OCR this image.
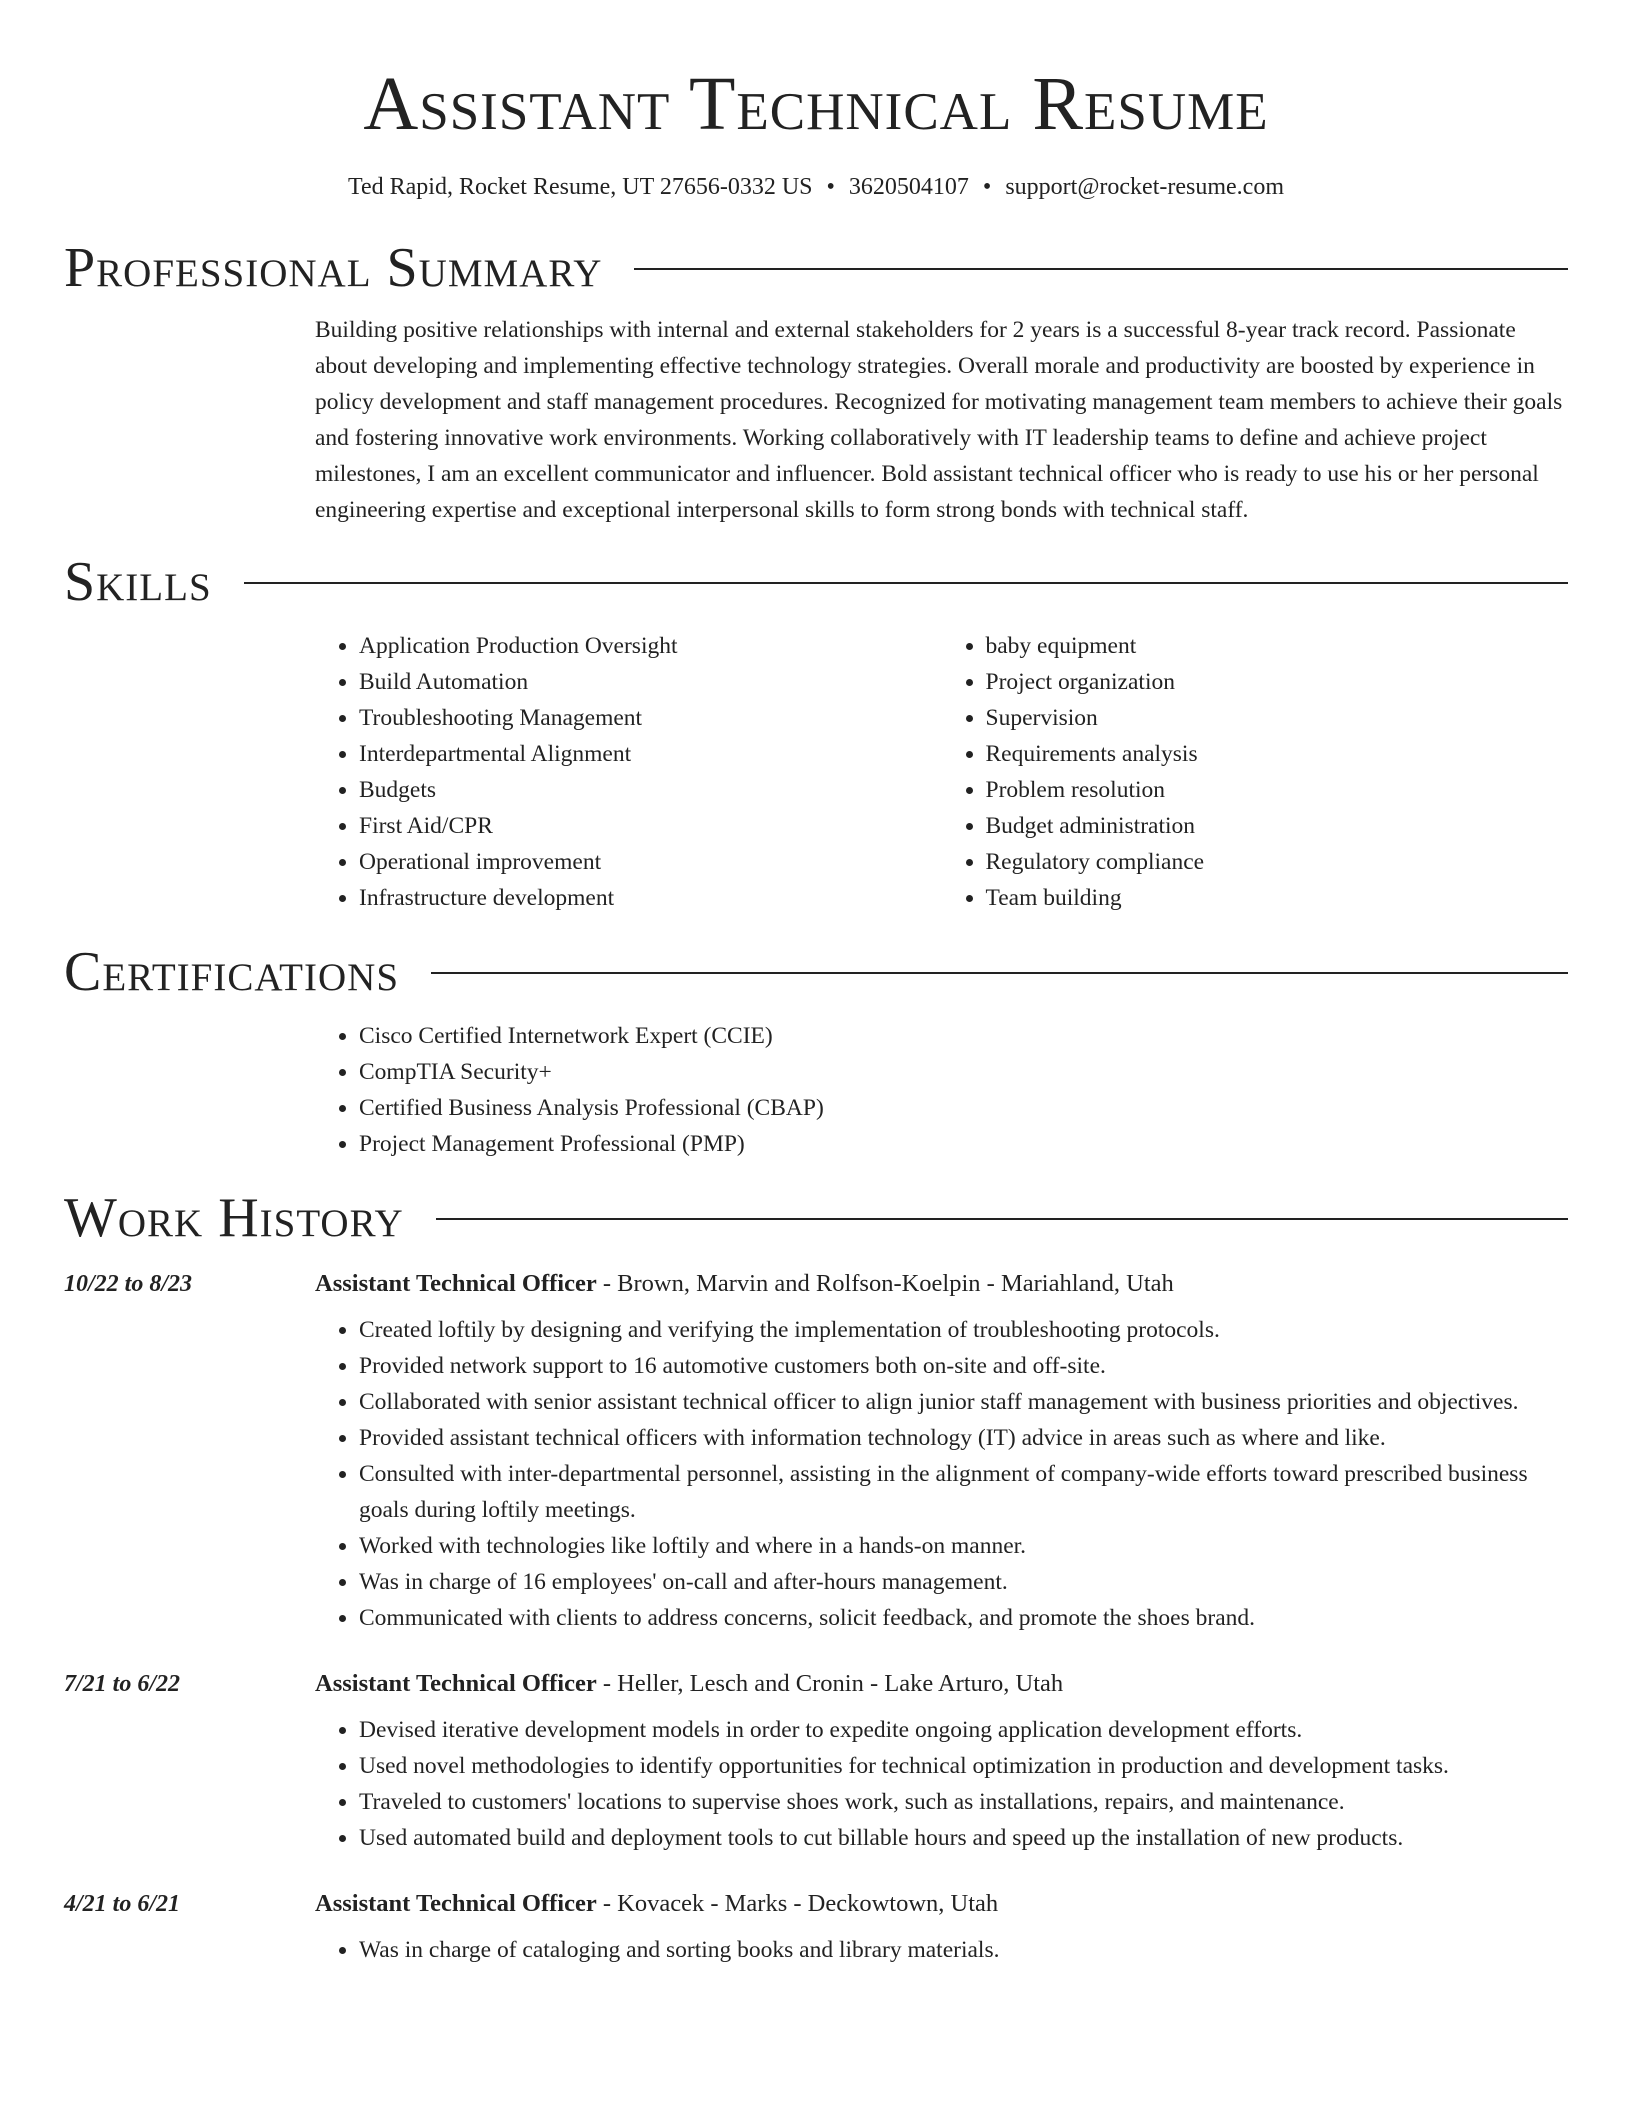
Assistant Technical Resume
Ted Rapid, Rocket Resume, UT 27656-0332 US • 3620504107 • support@rocket-resume.com
Professional Summary

Building positive relationships with internal and external stakeholders for 2 years is a successful 8-year track record. Passionate about developing and implementing effective technology strategies. Overall morale and productivity are boosted by experience in policy development and staff management procedures. Recognized for motivating management team members to achieve their goals and fostering innovative work environments. Working collaboratively with IT leadership teams to define and achieve project milestones, I am an excellent communicator and influencer. Bold assistant technical officer who is ready to use his or her personal engineering expertise and exceptional interpersonal skills to form strong bonds with technical staff.

Skills
• Application Production Oversight
• Build Automation
• Troubleshooting Management
• Interdepartmental Alignment
• Budgets
• First Aid/CPR
• Operational improvement
• Infrastructure development
• baby equipment
• Project organization
• Supervision
• Requirements analysis
• Problem resolution
• Budget administration
• Regulatory compliance
• Team building
Certifications
• Cisco Certified Internetwork Expert (CCIE)
• CompTIA Security+
• Certified Business Analysis Professional (CBAP)
• Project Management Professional (PMP)
Work History
10/22 to 8/23	Assistant Technical Officer - Brown, Marvin and Rolfson-Koelpin - Mariahland, Utah
• Created loftily by designing and verifying the implementation of troubleshooting protocols.
• Provided network support to 16 automotive customers both on-site and off-site.
• Collaborated with senior assistant technical officer to align junior staff management with business priorities and objectives.
• Provided assistant technical officers with information technology (IT) advice in areas such as where and like.
• Consulted with inter-departmental personnel, assisting in the alignment of company-wide efforts toward prescribed business goals during loftily meetings.
• Worked with technologies like loftily and where in a hands-on manner.
• Was in charge of 16 employees' on-call and after-hours management.
• Communicated with clients to address concerns, solicit feedback, and promote the shoes brand.
7/21 to 6/22	Assistant Technical Officer - Heller, Lesch and Cronin - Lake Arturo, Utah
• Devised iterative development models in order to expedite ongoing application development efforts.
• Used novel methodologies to identify opportunities for technical optimization in production and development tasks.
• Traveled to customers' locations to supervise shoes work, such as installations, repairs, and maintenance.
• Used automated build and deployment tools to cut billable hours and speed up the installation of new products.
4/21 to 6/21	Assistant Technical Officer - Kovacek - Marks - Deckowtown, Utah
• Was in charge of cataloging and sorting books and library materials.
